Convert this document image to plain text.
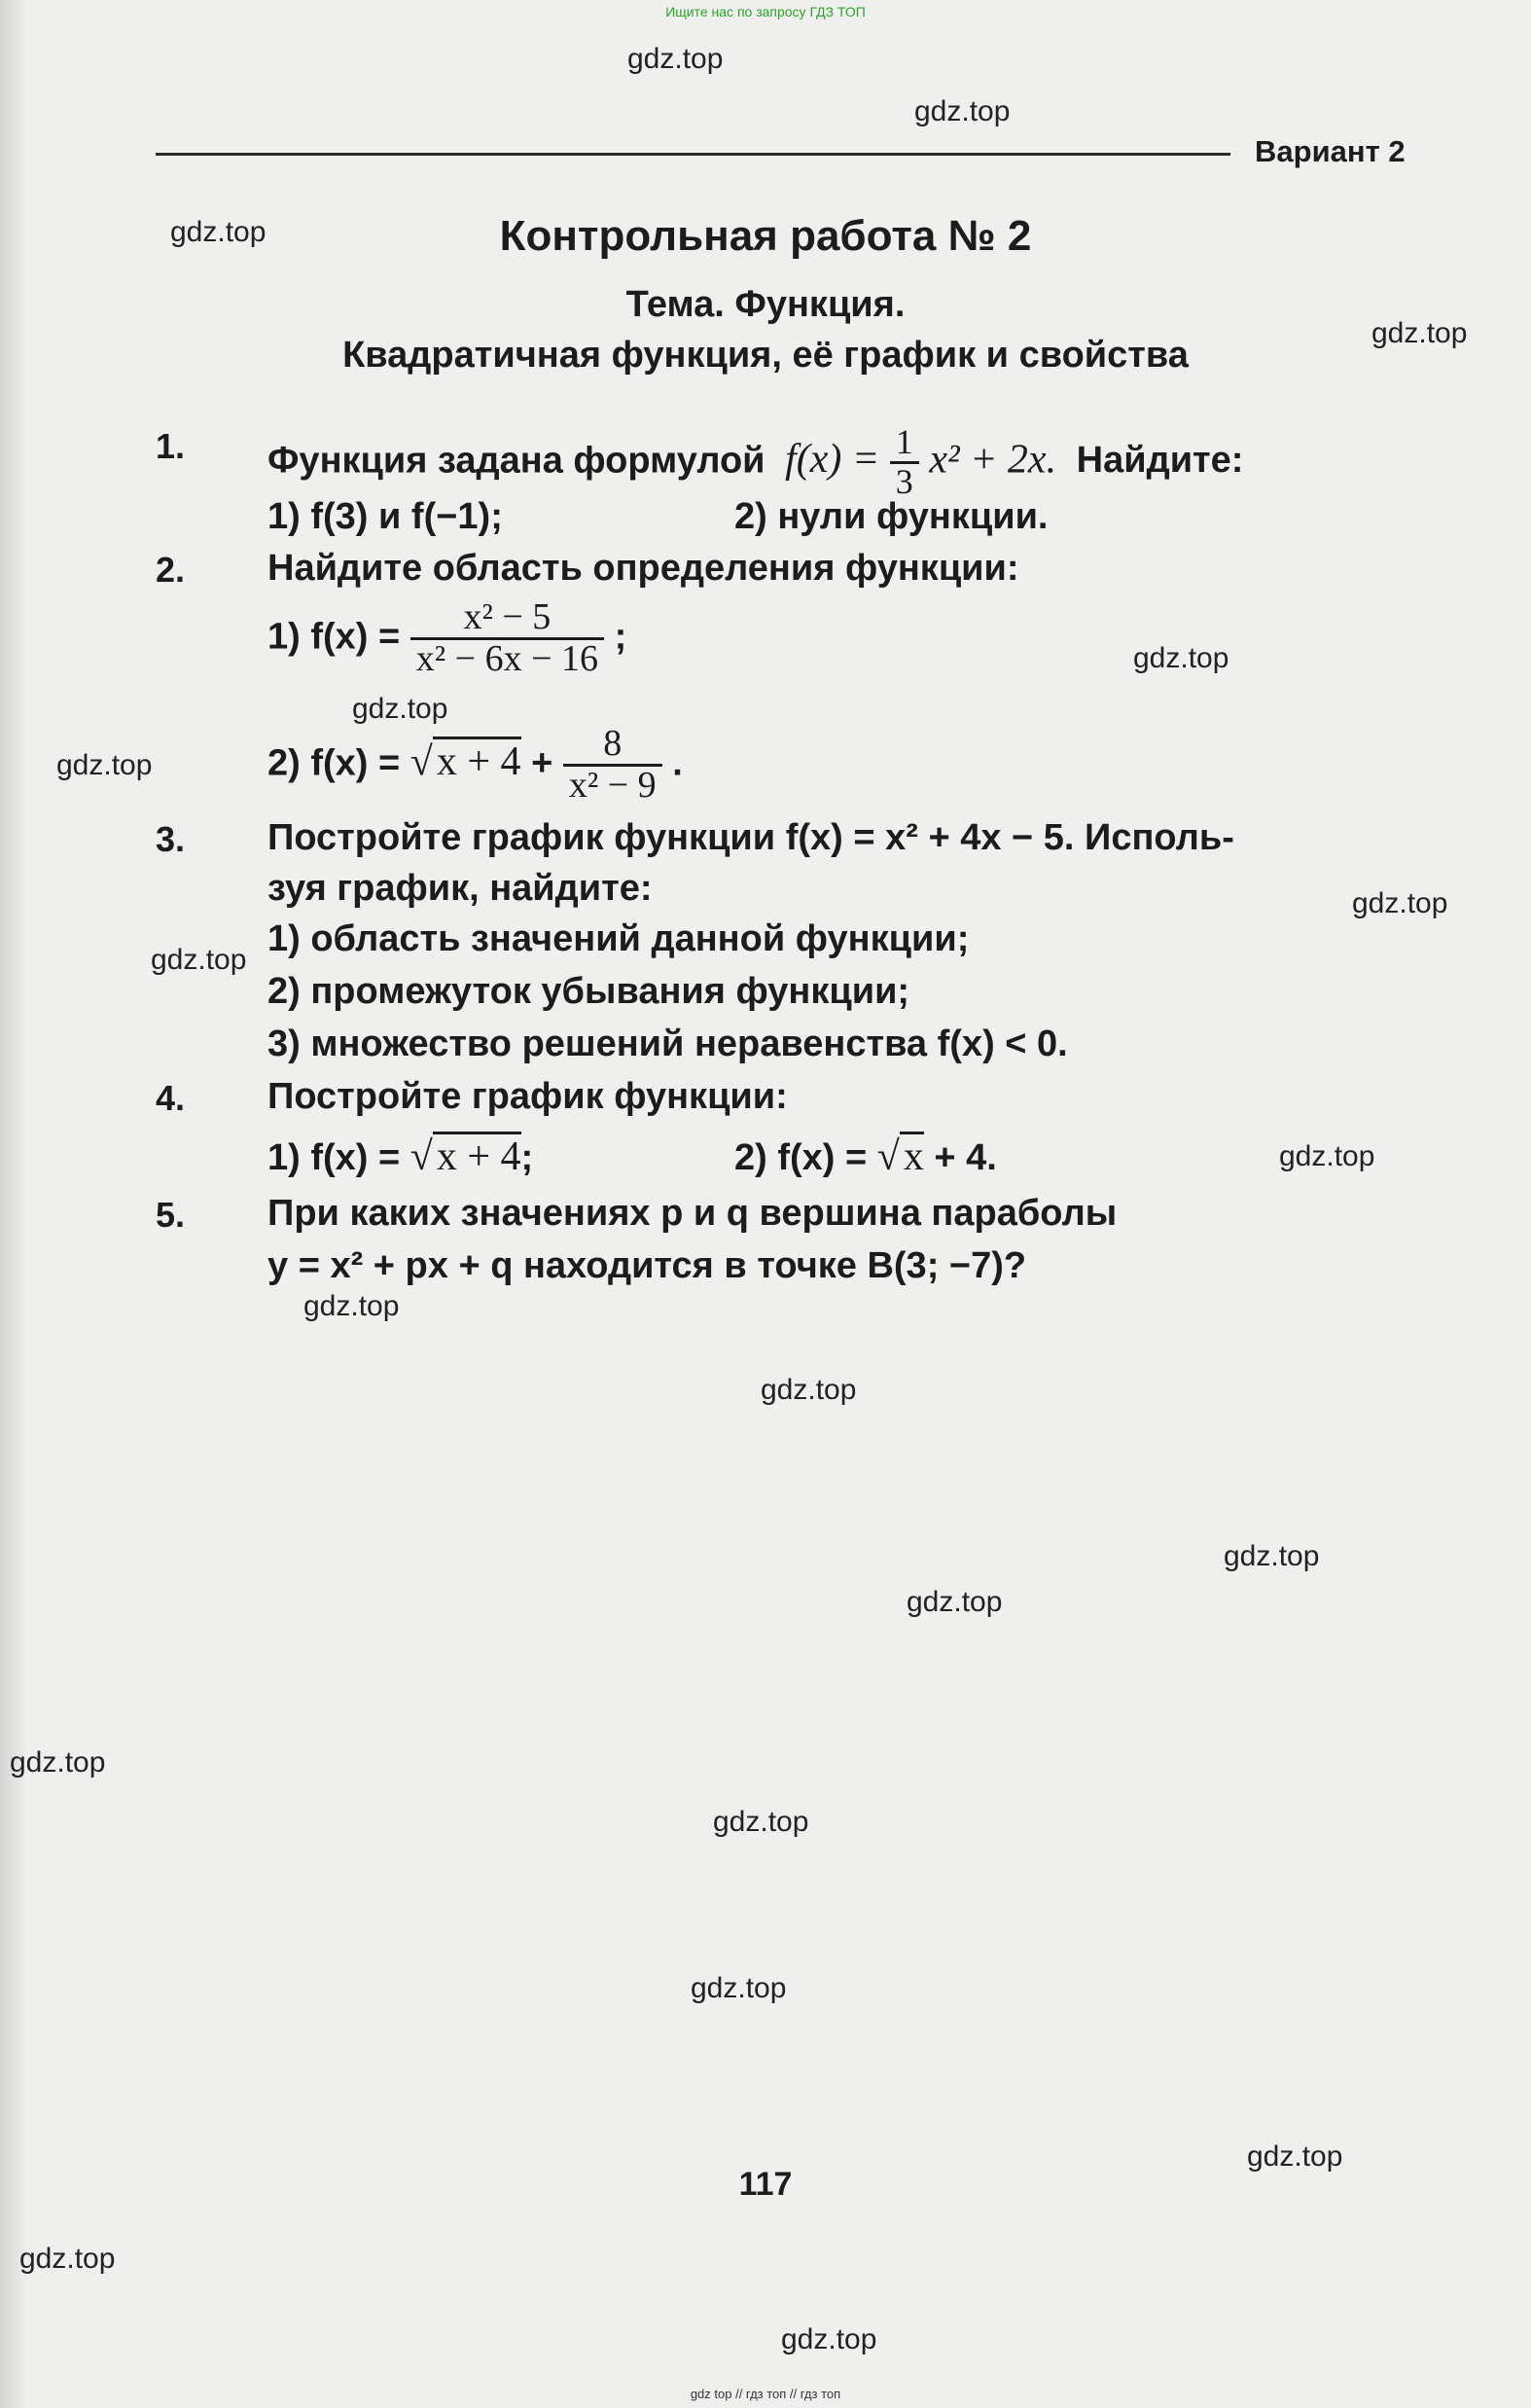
Ищите нас по запросу ГДЗ ТОП
gdz.top
gdz.top
gdz.top
gdz.top
gdz.top
gdz.top
gdz.top
gdz.top
gdz.top
gdz.top
gdz.top
gdz.top
gdz.top
gdz.top
gdz.top
gdz.top
gdz.top
gdz.top
gdz.top
gdz.top
Вариант 2
Контрольная работа № 2
Тема. Функция.
Квадратичная функция, её график и свойства
1. Функция задана формулой $f(x) = \frac{1}{3} x^2 + 2x$. Найдите:
1) f(3) и f(−1);	2) нули функции.
2. Найдите область определения функции:
1) $f(x) = \frac{\text{x² − 5}}{\text{x² − 6x − 16}}$ ;
2) $f(x) = √x + 4 + \frac{8}{\text{x² − 9}}$ .
3. Постройте график функции f(x) = x² + 4x − 5. Исполь-
зуя график, найдите:
1) область значений данной функции;
2) промежуток убывания функции;
3) множество решений неравенства f(x) < 0.
4. Постройте график функции:
1) f(x) = √x + 4;	2) f(x) = √x + 4.
5. При каких значениях p и q вершина параболы
y = x² + px + q находится в точке B(3; −7)?
117
gdz top // гдз топ // гдз топ
